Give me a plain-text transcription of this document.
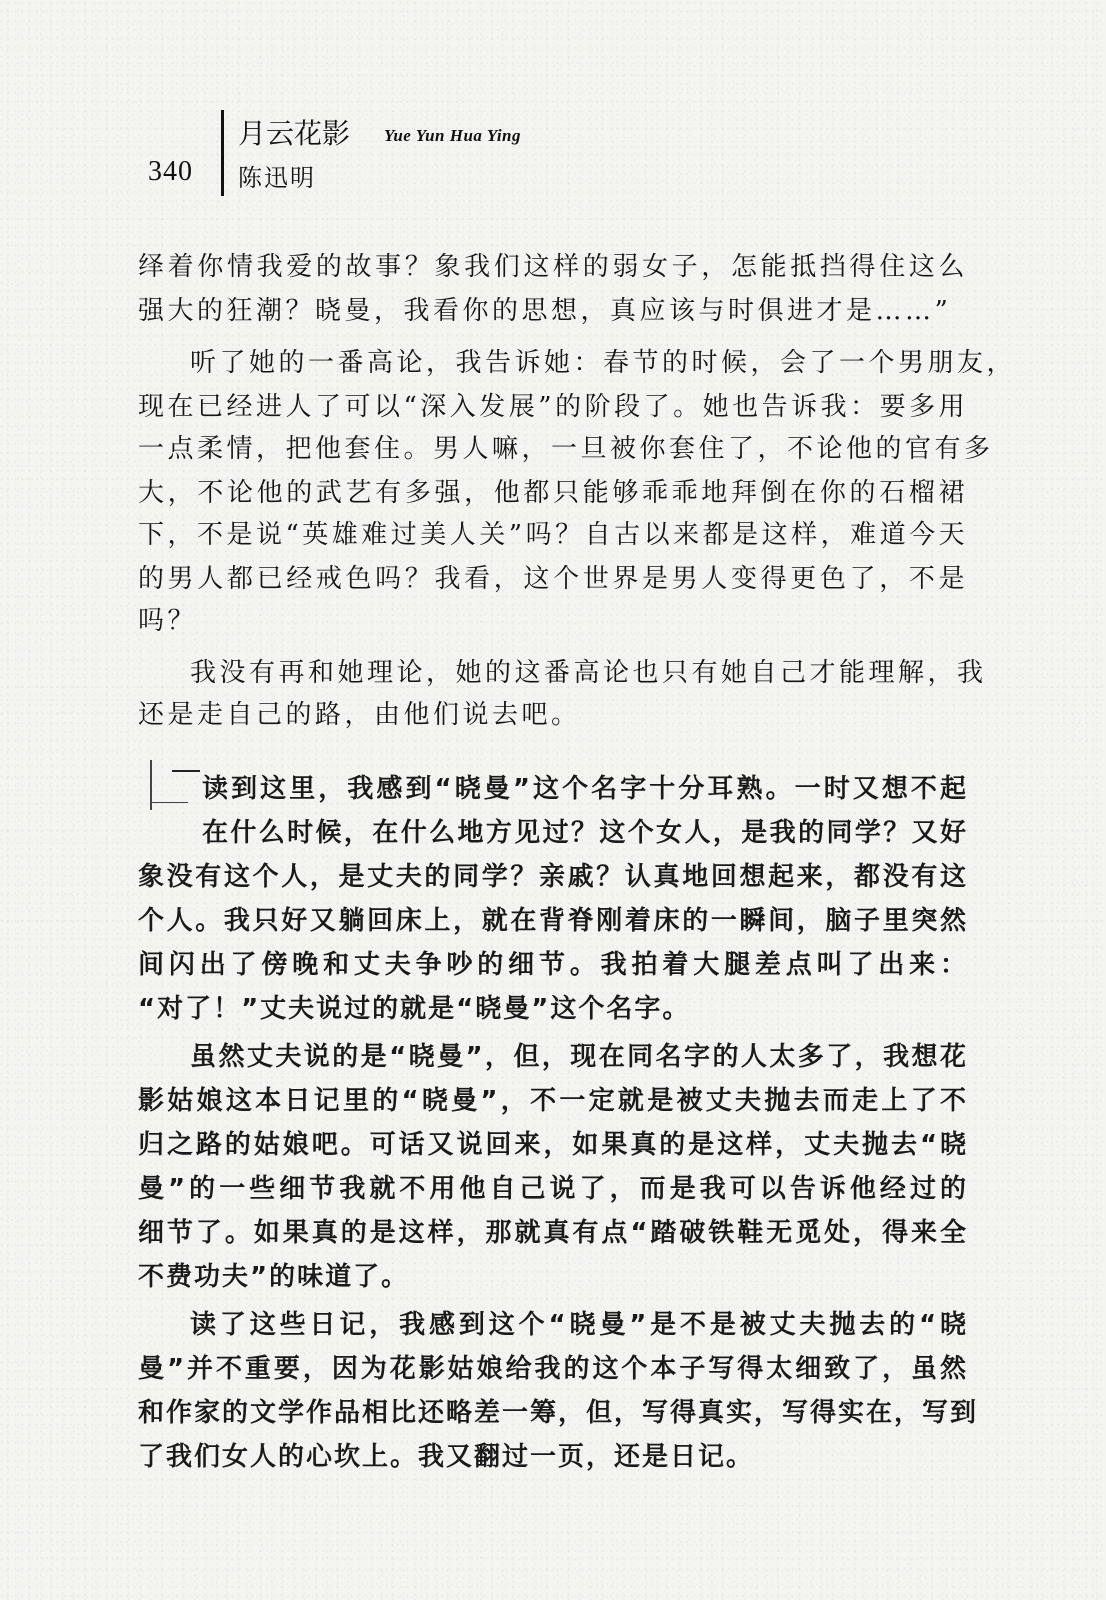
340
月云花影 Yue Yun Hua Ying
陈迅明
绎着你情我爱的故事？象我们这样的弱女子，怎能抵挡得住这么
强大的狂潮？晓曼，我看你的思想，真应该与时俱进才是……”
听了她的一番高论，我告诉她：春节的时候，会了一个男朋友，
现在已经进人了可以“深入发展”的阶段了。她也告诉我：要多用
一点柔情，把他套住。男人嘛，一旦被你套住了，不论他的官有多
大，不论他的武艺有多强，他都只能够乖乖地拜倒在你的石榴裙
下，不是说“英雄难过美人关”吗？自古以来都是这样，难道今天
的男人都已经戒色吗？我看，这个世界是男人变得更色了，不是
吗？
我没有再和她理论，她的这番高论也只有她自己才能理解，我
还是走自己的路，由他们说去吧。
读到这里，我感到“晓曼”这个名字十分耳熟。一时又想不起
在什么时候，在什么地方见过？这个女人，是我的同学？又好
象没有这个人，是丈夫的同学？亲戚？认真地回想起来，都没有这
个人。我只好又躺回床上，就在背脊刚着床的一瞬间，脑子里突然
间闪出了傍晚和丈夫争吵的细节。我拍着大腿差点叫了出来：
“对了！”丈夫说过的就是“晓曼”这个名字。
虽然丈夫说的是“晓曼”，但，现在同名字的人太多了，我想花
影姑娘这本日记里的“晓曼”，不一定就是被丈夫抛去而走上了不
归之路的姑娘吧。可话又说回来，如果真的是这样，丈夫抛去“晓
曼”的一些细节我就不用他自己说了，而是我可以告诉他经过的
细节了。如果真的是这样，那就真有点“踏破铁鞋无觅处，得来全
不费功夫”的味道了。
读了这些日记，我感到这个“晓曼”是不是被丈夫抛去的“晓
曼”并不重要，因为花影姑娘给我的这个本子写得太细致了，虽然
和作家的文学作品相比还略差一筹，但，写得真实，写得实在，写到
了我们女人的心坎上。我又翻过一页，还是日记。
